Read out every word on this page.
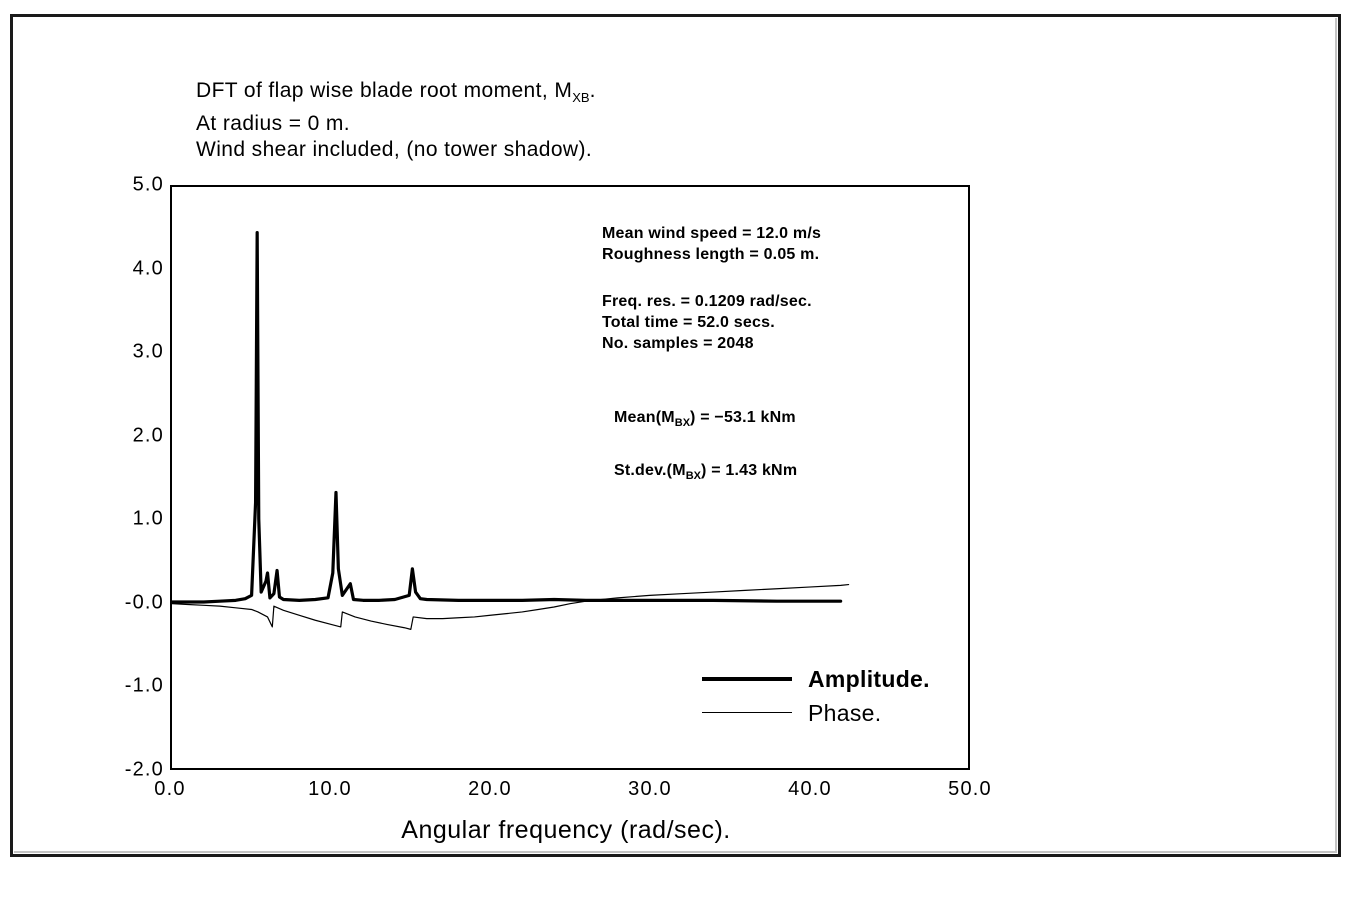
DFT of flap wise blade root moment, $M_{XB}$.
At radius = 0 m.
Wind shear included, (no tower shadow).
Angular frequency (rad/sec).
5.0
4.0
3.0
2.0
1.0
-0.0
-1.0
-2.0
0.0	10.0	20.0	30.0	40.0	50.0
Mean wind speed = 12.0 m/s
Roughness length = 0.05 m.
Freq. res. = 0.1209 rad/sec.
Total time = 52.0 secs.
No. samples = 2048
$Mean(M_{BX}) = -53.1$ kNm
$St.dev.(M_{BX}) = 1.43$ kNm
Amplitude.
Phase.
